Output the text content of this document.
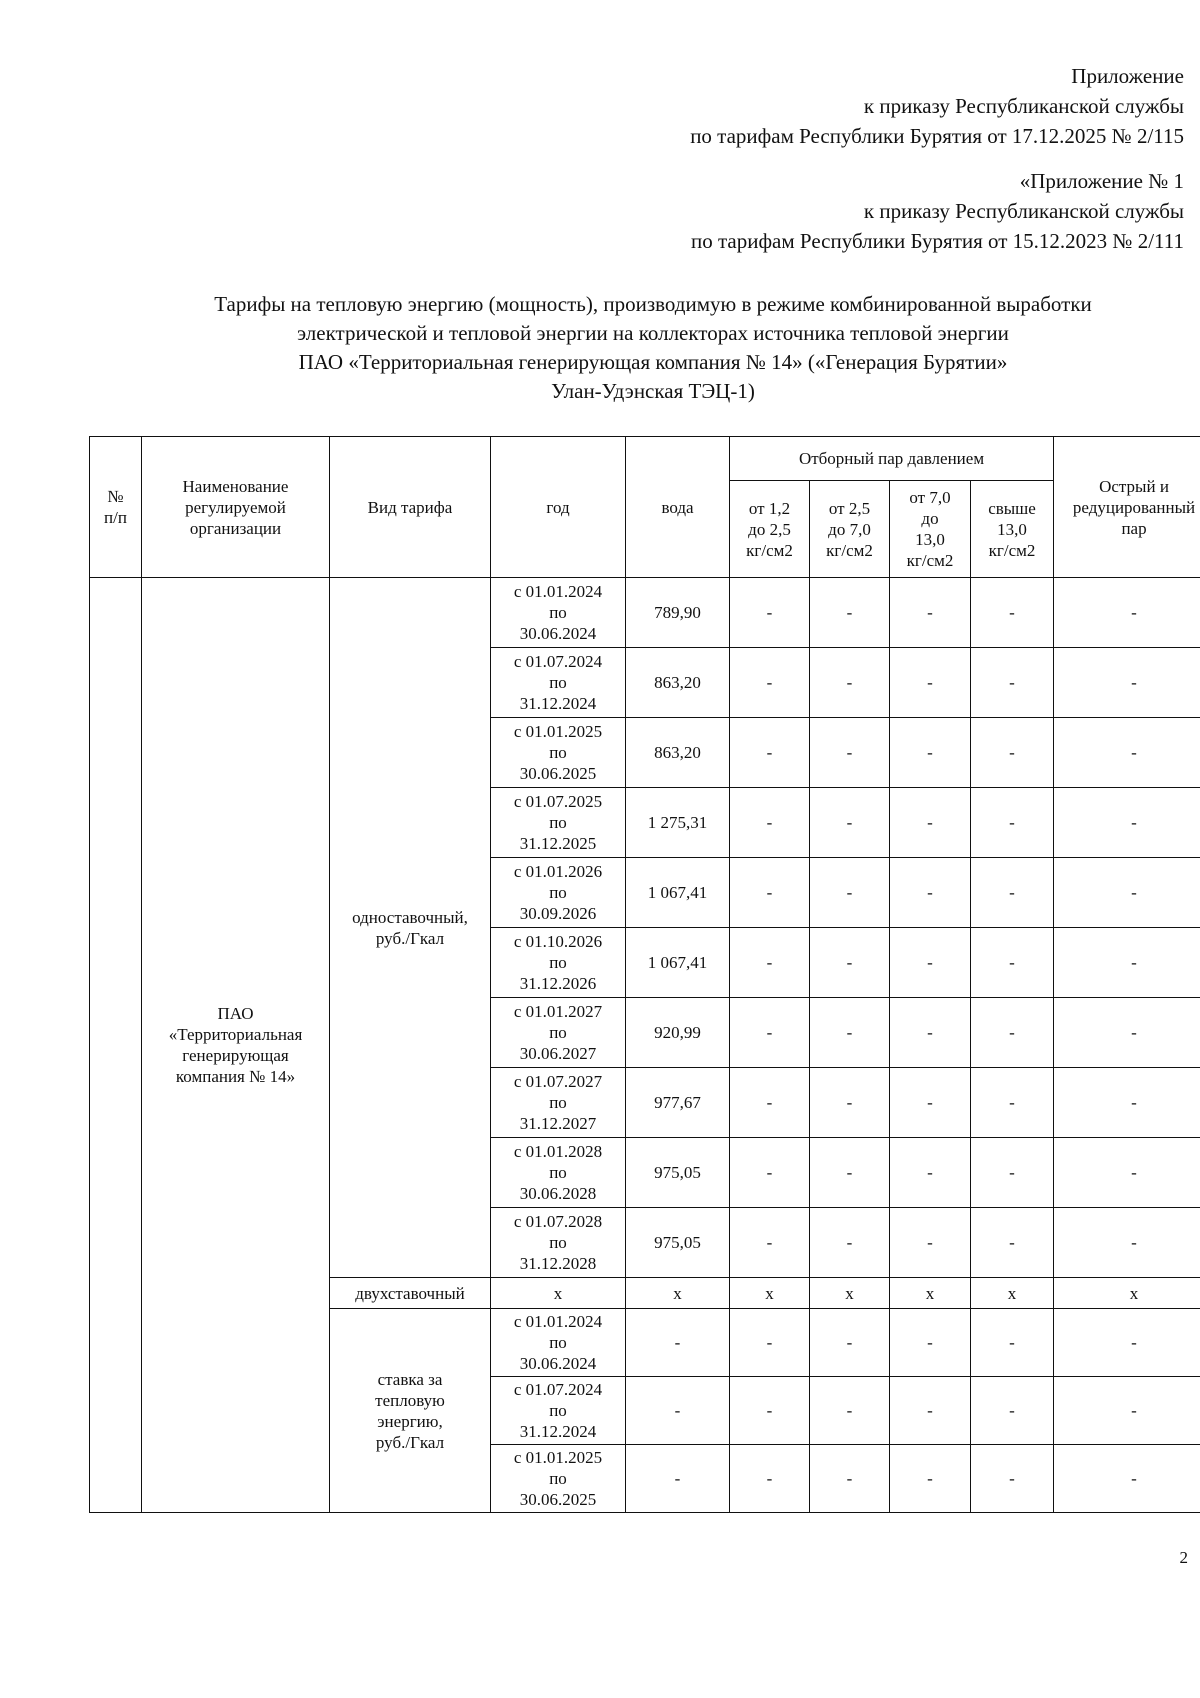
Приложение

к приказу Республиканской службы

по тарифам Республики Бурятия от 17.12.2025 № 2/115

«Приложение № 1

к приказу Республиканской службы

по тарифам Республики Бурятия от 15.12.2023 № 2/111

Тарифы на тепловую энергию (мощность), производимую в режиме комбинированной выработки

электрической и тепловой энергии на коллекторах источника тепловой энергии

ПАО «Территориальная генерирующая компания № 14» («Генерация Бурятии»

Улан-Удэнская ТЭЦ-1)

№
п/п	Наименование
регулируемой
организации	Вид тарифа	год	вода	Отборный пар давлением				Острый и
редуцированный
пар
					от 1,2
до 2,5
кг/см2	от 2,5
до 7,0
кг/см2	от 7,0
до
13,0
кг/см2	свыше
13,0
кг/см2	
	ПАО
«Территориальная
генерирующая
компания № 14»	одноставочный,
руб./Гкал	с 01.01.2024
по
30.06.2024	789,90	-	-	-	-	-
			с 01.07.2024
по
31.12.2024	863,20	-	-	-	-	-
			с 01.01.2025
по
30.06.2025	863,20	-	-	-	-	-
			с 01.07.2025
по
31.12.2025	1 275,31	-	-	-	-	-
			с 01.01.2026
по
30.09.2026	1 067,41	-	-	-	-	-
			с 01.10.2026
по
31.12.2026	1 067,41	-	-	-	-	-
			с 01.01.2027
по
30.06.2027	920,99	-	-	-	-	-
			с 01.07.2027
по
31.12.2027	977,67	-	-	-	-	-
			с 01.01.2028
по
30.06.2028	975,05	-	-	-	-	-
			с 01.07.2028
по
31.12.2028	975,05	-	-	-	-	-
		двухставочный	x	x	x	x	x	x	x
		ставка за
тепловую
энергию,
руб./Гкал	с 01.01.2024
по
30.06.2024	-	-	-	-	-	-
			с 01.07.2024
по
31.12.2024	-	-	-	-	-	-
			с 01.01.2025
по
30.06.2025	-	-	-	-	-	-
2
